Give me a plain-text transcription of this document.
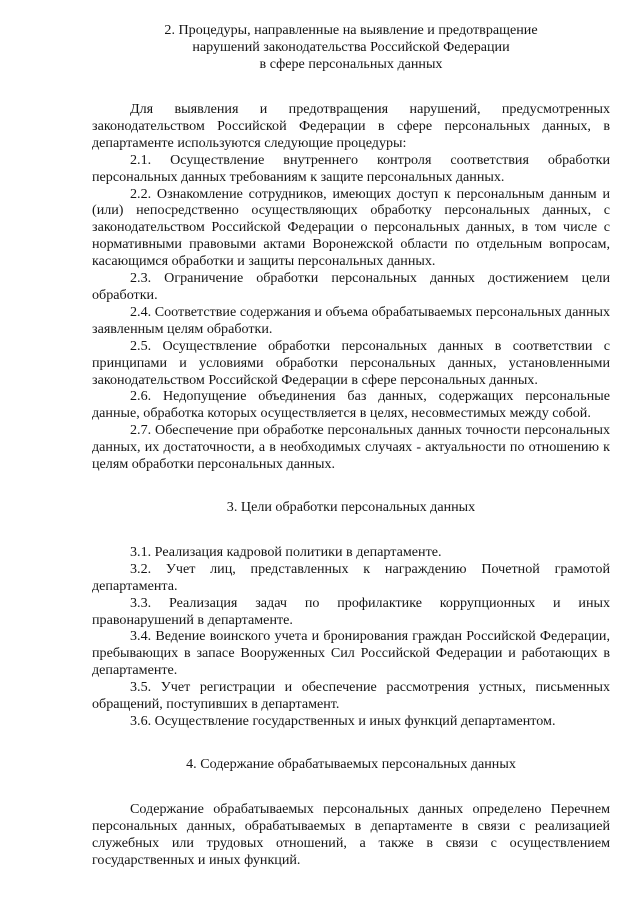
2. Процедуры, направленные на выявление и предотвращение
нарушений законодательства Российской Федерации
в сфере персональных данных

Для выявления и предотвращения нарушений, предусмотренных законодательством Российской Федерации в сфере персональных данных, в департаменте используются следующие процедуры:

2.1. Осуществление внутреннего контроля соответствия обработки персональных данных требованиям к защите персональных данных.

2.2. Ознакомление сотрудников, имеющих доступ к персональным данным и (или) непосредственно осуществляющих обработку персональных данных, с законодательством Российской Федерации о персональных данных, в том числе с нормативными правовыми актами Воронежской области по отдельным вопросам, касающимся обработки и защиты персональных данных.

2.3. Ограничение обработки персональных данных достижением цели обработки.

2.4. Соответствие содержания и объема обрабатываемых персональных данных заявленным целям обработки.

2.5. Осуществление обработки персональных данных в соответствии с принципами и условиями обработки персональных данных, установленными законодательством Российской Федерации в сфере персональных данных.

2.6. Недопущение объединения баз данных, содержащих персональные данные, обработка которых осуществляется в целях, несовместимых между собой.

2.7. Обеспечение при обработке персональных данных точности персональных данных, их достаточности, а в необходимых случаях - актуальности по отношению к целям обработки персональных данных.

3. Цели обработки персональных данных

3.1. Реализация кадровой политики в департаменте.

3.2. Учет лиц, представленных к награждению Почетной грамотой департамента.

3.3. Реализация задач по профилактике коррупционных и иных правонарушений в департаменте.

3.4. Ведение воинского учета и бронирования граждан Российской Федерации, пребывающих в запасе Вооруженных Сил Российской Федерации и работающих в департаменте.

3.5. Учет регистрации и обеспечение рассмотрения устных, письменных обращений, поступивших в департамент.

3.6. Осуществление государственных и иных функций департаментом.

4. Содержание обрабатываемых персональных данных

Содержание обрабатываемых персональных данных определено Перечнем персональных данных, обрабатываемых в департаменте в связи с реализацией служебных или трудовых отношений, а также в связи с осуществлением государственных и иных функций.
